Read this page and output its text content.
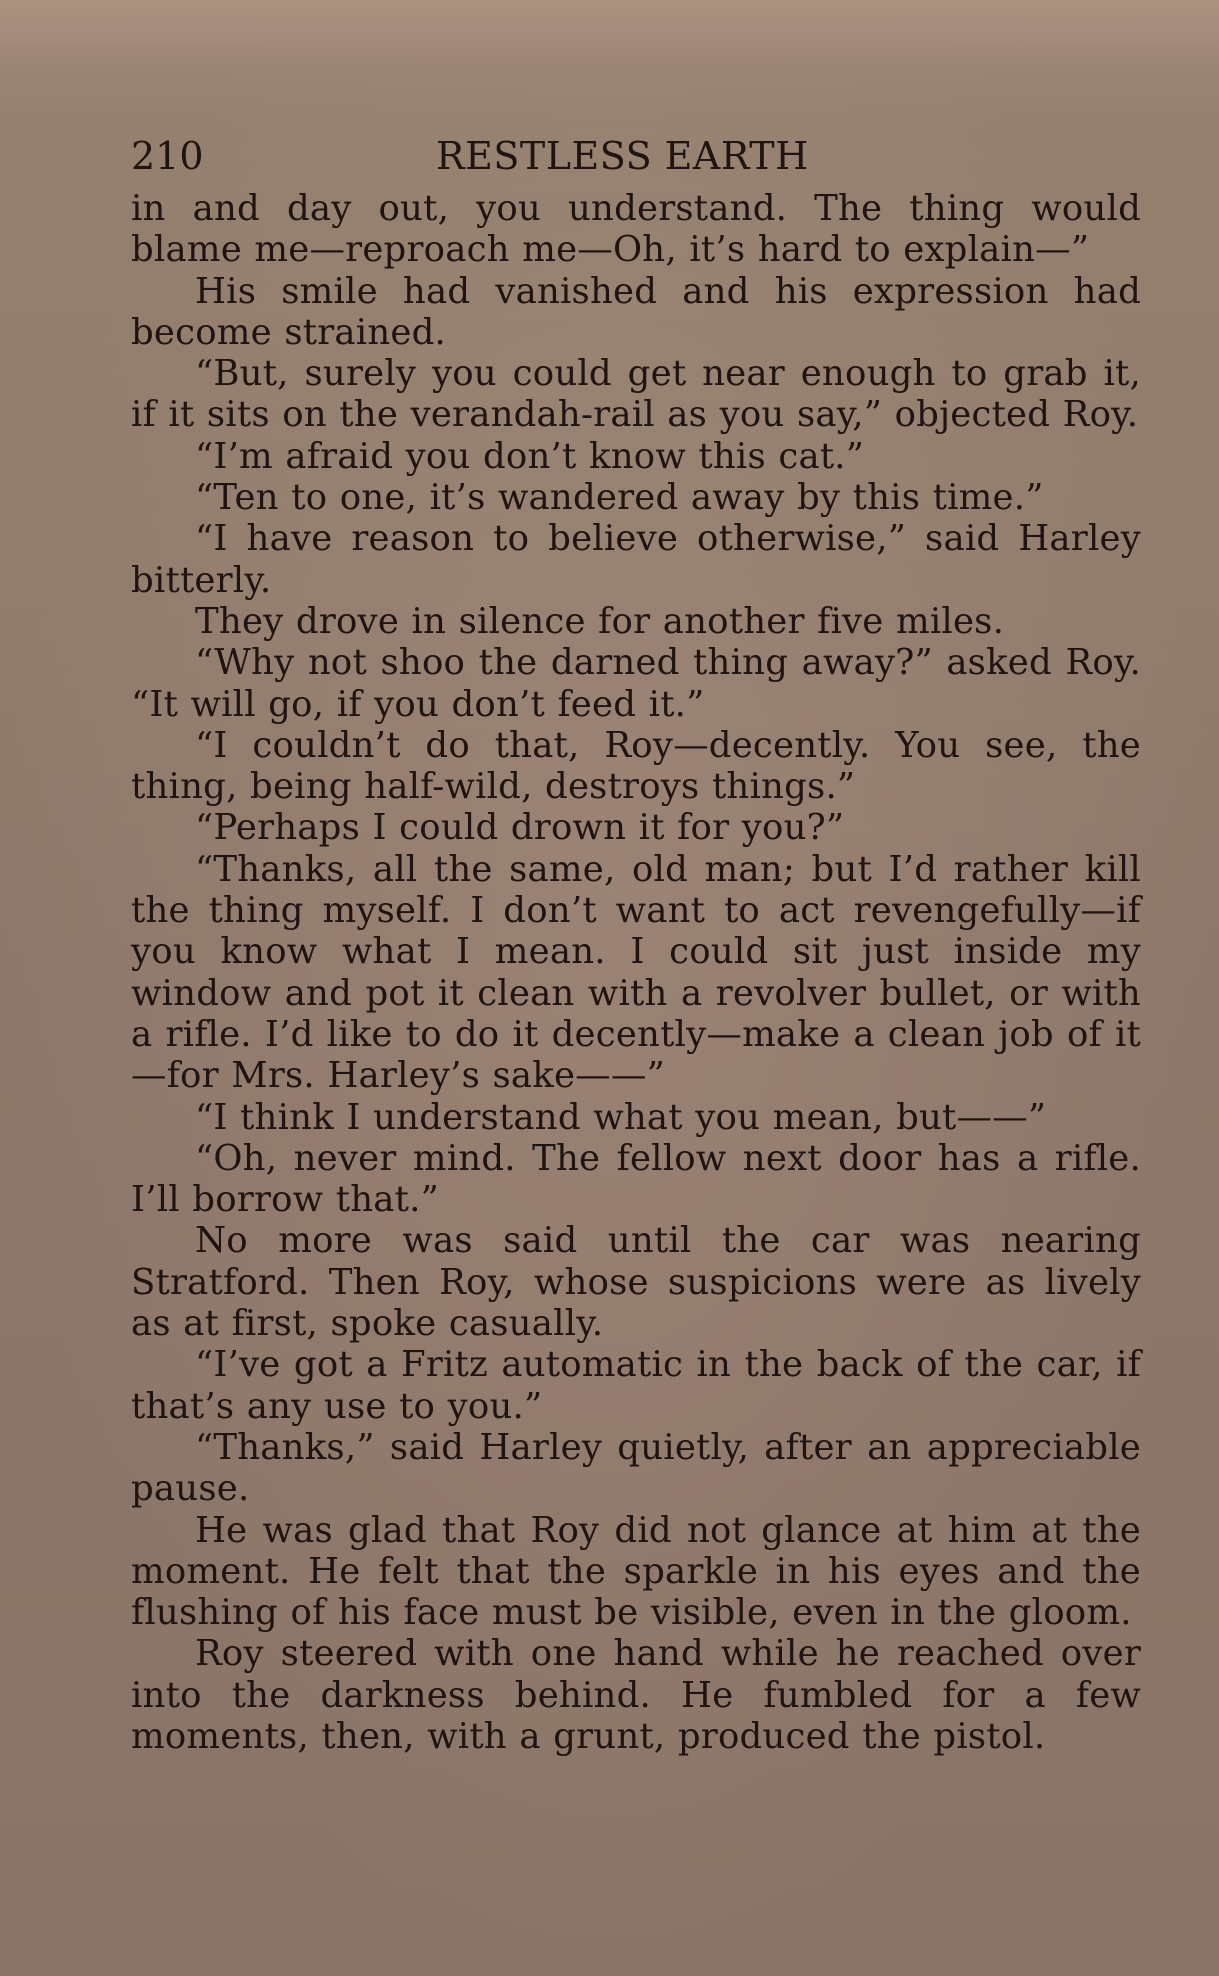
210	RESTLESS EARTH

in and day out, you understand. The thing would blame me—reproach me—Oh, it’s hard to explain—”

His smile had vanished and his expression had become strained.

“But, surely you could get near enough to grab it, if it sits on the verandah-rail as you say,” objected Roy.

“I’m afraid you don’t know this cat.”

“Ten to one, it’s wandered away by this time.”

“I have reason to believe otherwise,” said Harley bitterly.

They drove in silence for another five miles.

“Why not shoo the darned thing away?” asked Roy. “It will go, if you don’t feed it.”

“I couldn’t do that, Roy—decently. You see, the thing, being half-wild, destroys things.”

“Perhaps I could drown it for you?”

“Thanks, all the same, old man; but I’d rather kill the thing myself. I don’t want to act revengefully—if you know what I mean. I could sit just inside my window and pot it clean with a revolver bullet, or with a rifle. I’d like to do it decently—make a clean job of it—for Mrs. Harley’s sake——”

“I think I understand what you mean, but——”

“Oh, never mind. The fellow next door has a rifle. I’ll borrow that.”

No more was said until the car was nearing Stratford. Then Roy, whose suspicions were as lively as at first, spoke casually.

“I’ve got a Fritz automatic in the back of the car, if that’s any use to you.”

“Thanks,” said Harley quietly, after an appreciable pause.

He was glad that Roy did not glance at him at the moment. He felt that the sparkle in his eyes and the flushing of his face must be visible, even in the gloom.

Roy steered with one hand while he reached over into the darkness behind. He fumbled for a few moments, then, with a grunt, produced the pistol.
